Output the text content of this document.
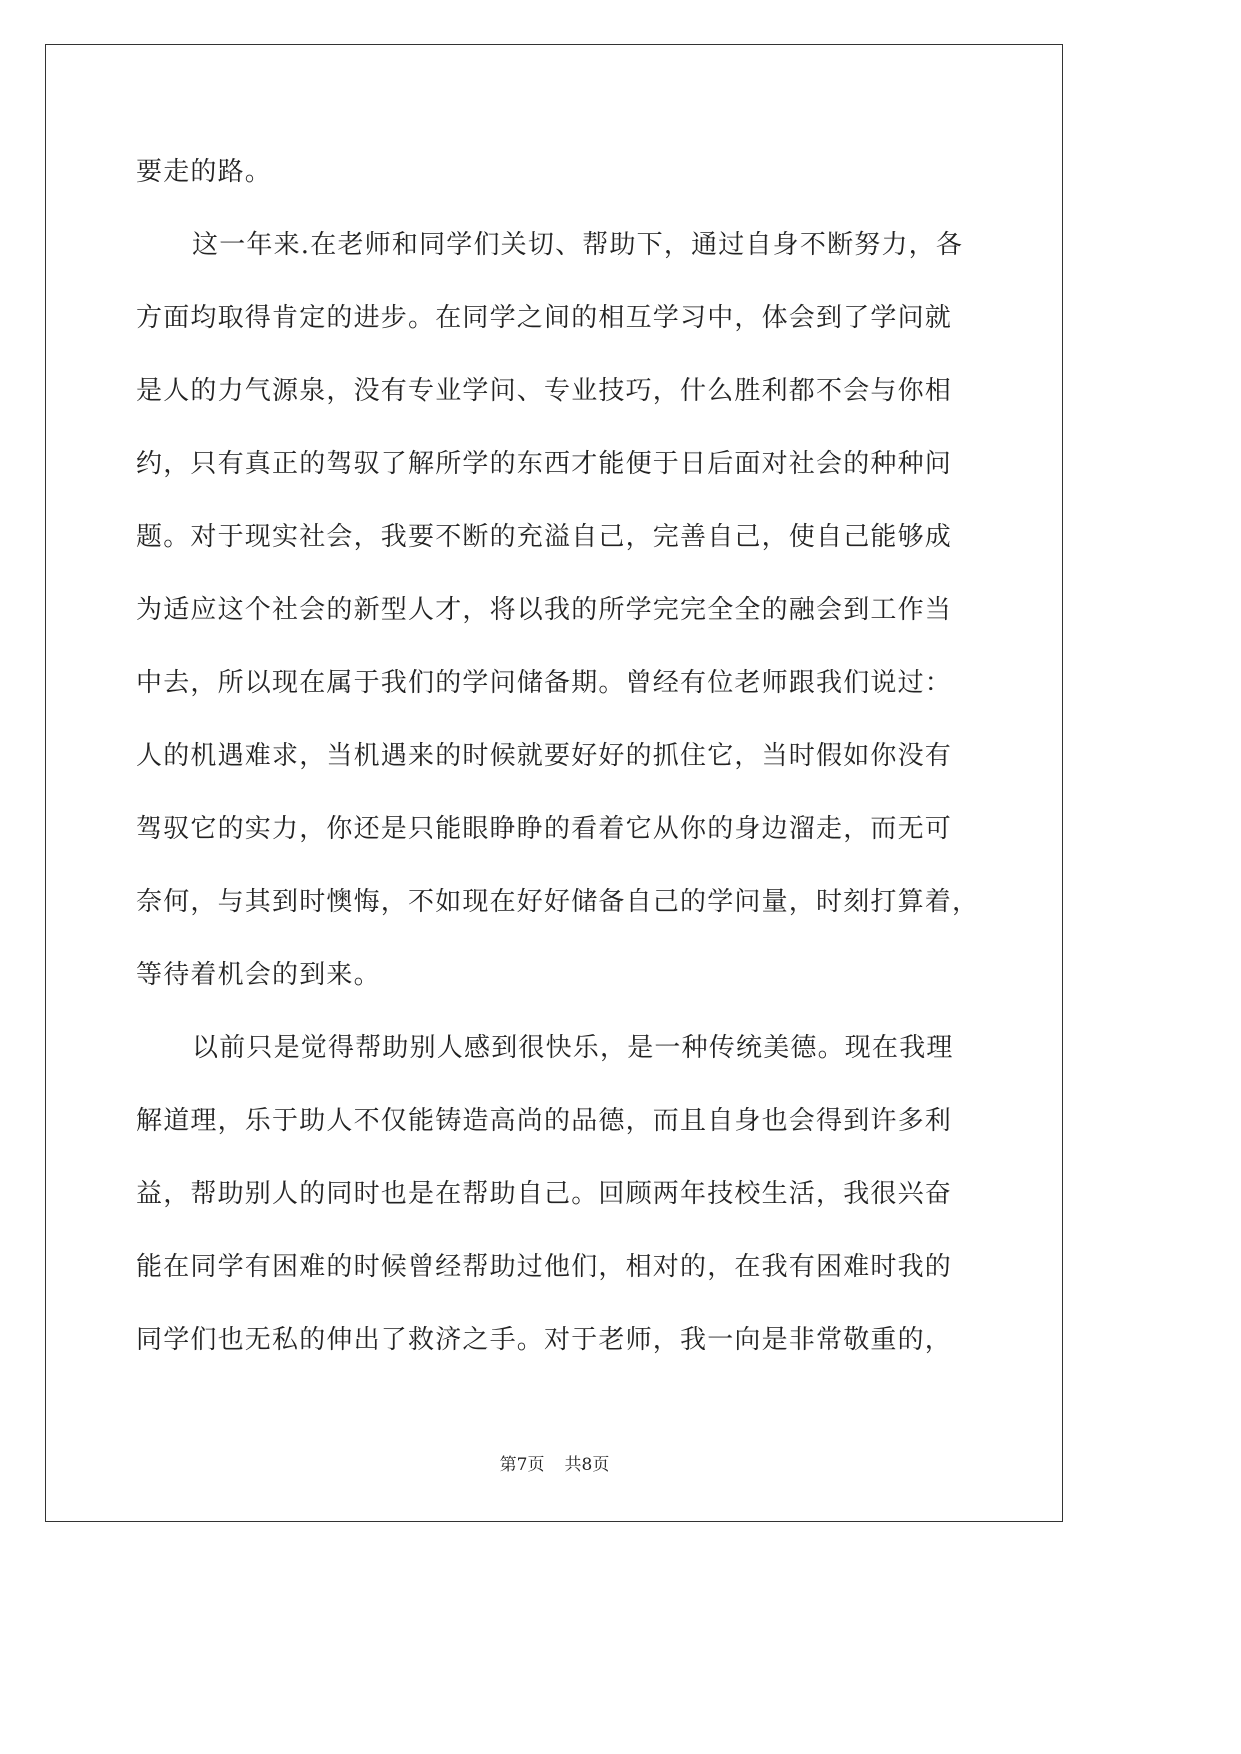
要走的路。
这一年来.在老师和同学们关切、帮助下，通过自身不断努力，各
方面均取得肯定的进步。在同学之间的相互学习中，体会到了学问就
是人的力气源泉，没有专业学问、专业技巧，什么胜利都不会与你相
约，只有真正的驾驭了解所学的东西才能便于日后面对社会的种种问
题。对于现实社会，我要不断的充溢自己，完善自己，使自己能够成
为适应这个社会的新型人才，将以我的所学完完全全的融会到工作当
中去，所以现在属于我们的学问储备期。曾经有位老师跟我们说过：
人的机遇难求，当机遇来的时候就要好好的抓住它，当时假如你没有
驾驭它的实力，你还是只能眼睁睁的看着它从你的身边溜走，而无可
奈何，与其到时懊悔，不如现在好好储备自己的学问量，时刻打算着，
等待着机会的到来。
以前只是觉得帮助别人感到很快乐，是一种传统美德。现在我理
解道理，乐于助人不仅能铸造高尚的品德，而且自身也会得到许多利
益，帮助别人的同时也是在帮助自己。回顾两年技校生活，我很兴奋
能在同学有困难的时候曾经帮助过他们，相对的，在我有困难时我的
同学们也无私的伸出了救济之手。对于老师，我一向是非常敬重的，
第7页 共8页
